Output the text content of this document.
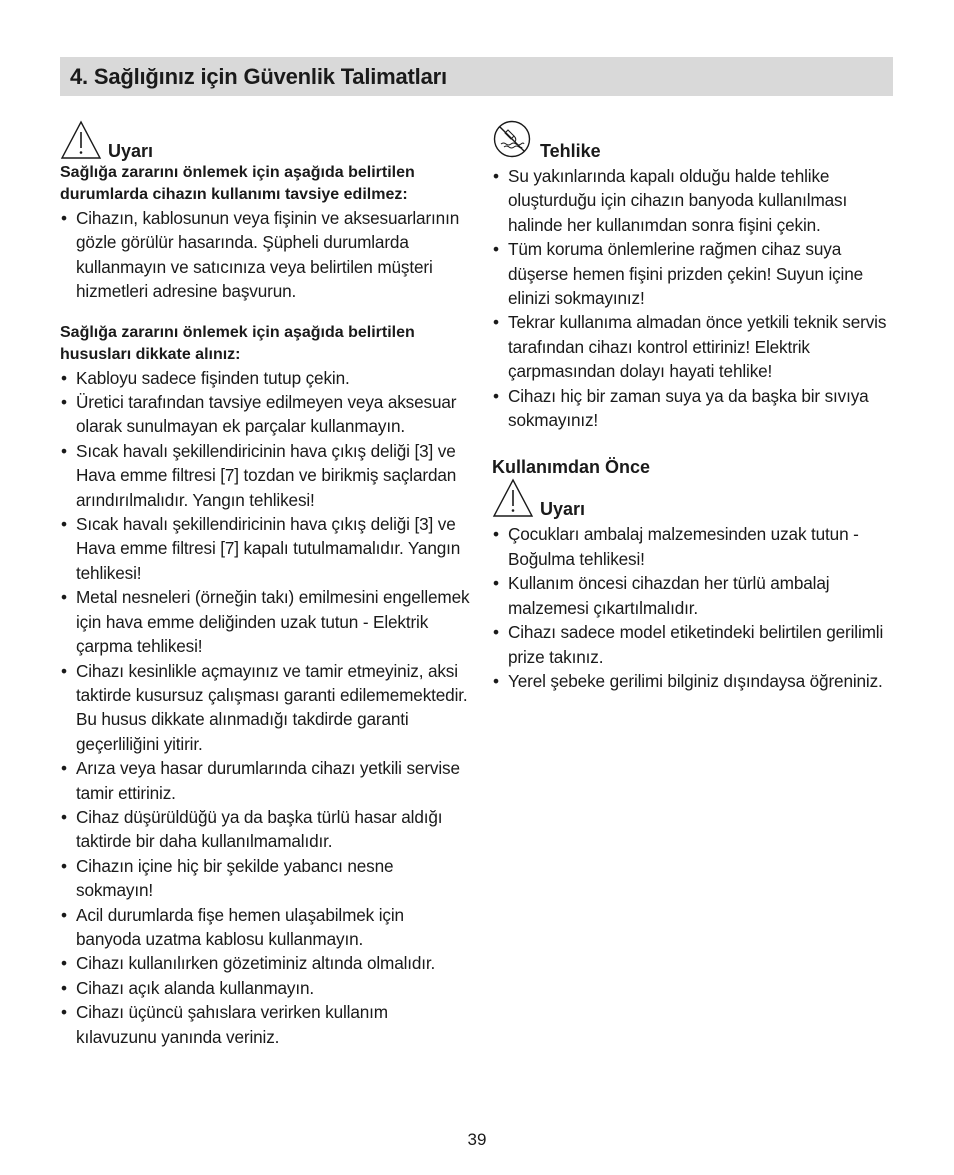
4. Sağlığınız için Güvenlik Talimatları
Uyarı

Sağlığa zararını önlemek için aşağıda belirtilen durumlarda cihazın kullanımı tavsiye edilmez:

• Cihazın, kablosunun veya fişinin ve aksesuarlarının gözle görülür hasarında. Şüpheli durumlarda kullanmayın ve satıcınıza veya belirtilen müşteri hizmetleri adresine başvurun.

Sağlığa zararını önlemek için aşağıda belirtilen hususları dikkate alınız:

• Kabloyu sadece fişinden tutup çekin.
• Üretici tarafından tavsiye edilmeyen veya aksesuar olarak sunulmayan ek parçalar kullanmayın.
• Sıcak havalı şekillendiricinin hava çıkış deliği [3] ve Hava emme filtresi [7] tozdan ve birikmiş saçlardan arındırılmalıdır. Yangın tehlikesi!
• Sıcak havalı şekillendiricinin hava çıkış deliği [3] ve Hava emme filtresi [7] kapalı tutulmamalıdır. Yangın tehlikesi!
• Metal nesneleri (örneğin takı) emilmesini engellemek için hava emme deliğinden uzak tutun - Elektrik çarpma tehlikesi!
• Cihazı kesinlikle açmayınız ve tamir etmeyiniz, aksi taktirde kusursuz çalışması garanti edilememektedir. Bu husus dikkate alınmadığı takdirde garanti geçerliliğini yitirir.
• Arıza veya hasar durumlarında cihazı yetkili servise tamir ettiriniz.
• Cihaz düşürüldüğü ya da başka türlü hasar aldığı taktirde bir daha kullanılmamalıdır.
• Cihazın içine hiç bir şekilde yabancı nesne sokmayın!
• Acil durumlarda fişe hemen ulaşabilmek için banyoda uzatma kablosu kullanmayın.
• Cihazı kullanılırken gözetiminiz altında olmalıdır.
• Cihazı açık alanda kullanmayın.
• Cihazı üçüncü şahıslara verirken kullanım kılavuzunu yanında veriniz.
Tehlike
• Su yakınlarında kapalı olduğu halde tehlike oluşturduğu için cihazın banyoda kullanılması halinde her kullanımdan sonra fişini çekin.
• Tüm koruma önlemlerine rağmen cihaz suya düşerse hemen fişini prizden çekin! Suyun içine elinizi sokmayınız!
• Tekrar kullanıma almadan önce yetkili teknik servis tarafından cihazı kontrol ettiriniz! Elektrik çarpmasından dolayı hayati tehlike!
• Cihazı hiç bir zaman suya ya da başka bir sıvıya sokmayınız!
Kullanımdan Önce
Uyarı
• Çocukları ambalaj malzemesinden uzak tutun - Boğulma tehlikesi!
• Kullanım öncesi cihazdan her türlü ambalaj malzemesi çıkartılmalıdır.
• Cihazı sadece model etiketindeki belirtilen gerilimli prize takınız.
• Yerel şebeke gerilimi bilginiz dışındaysa öğreniniz.
39
